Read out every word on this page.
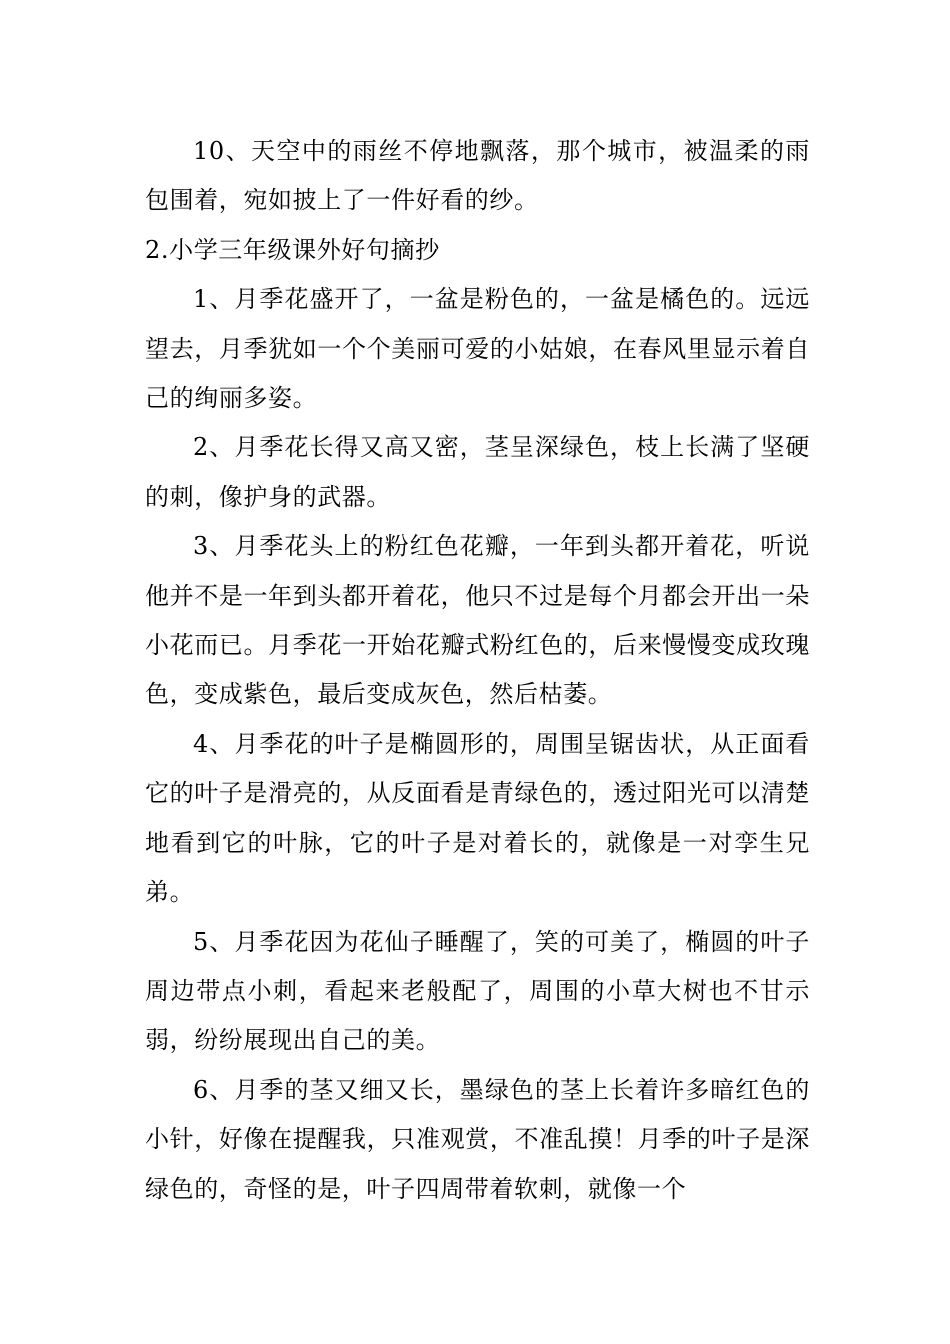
10、天空中的雨丝不停地飘落，那个城市，被温柔的雨包围着，宛如披上了一件好看的纱。

2.小学三年级课外好句摘抄

1、月季花盛开了，一盆是粉色的，一盆是橘色的。远远望去，月季犹如一个个美丽可爱的小姑娘，在春风里显示着自己的绚丽多姿。

2、月季花长得又高又密，茎呈深绿色，枝上长满了坚硬的刺，像护身的武器。

3、月季花头上的粉红色花瓣，一年到头都开着花，听说他并不是一年到头都开着花，他只不过是每个月都会开出一朵小花而已。月季花一开始花瓣式粉红色的，后来慢慢变成玫瑰色，变成紫色，最后变成灰色，然后枯萎。

4、月季花的叶子是椭圆形的，周围呈锯齿状，从正面看它的叶子是滑亮的，从反面看是青绿色的，透过阳光可以清楚地看到它的叶脉，它的叶子是对着长的，就像是一对孪生兄弟。

5、月季花因为花仙子睡醒了，笑的可美了，椭圆的叶子周边带点小刺，看起来老般配了，周围的小草大树也不甘示弱，纷纷展现出自己的美。

6、月季的茎又细又长，墨绿色的茎上长着许多暗红色的小针，好像在提醒我，只准观赏，不准乱摸！月季的叶子是深绿色的，奇怪的是，叶子四周带着软刺，就像一个
